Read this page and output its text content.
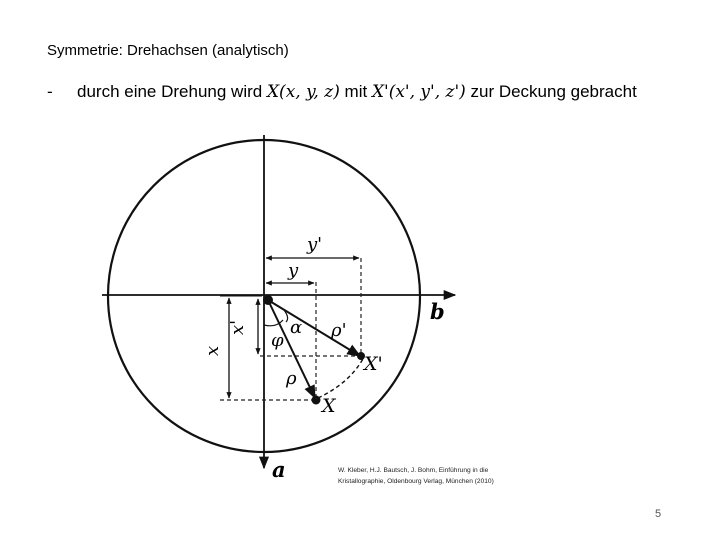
Symmetrie: Drehachsen (analytisch)
- durch eine Drehung wird X(x, y, z) mit X'(x', y', z') zur Deckung gebracht
y'
y
b
a
x'
x
ρ'
ρ
α
φ
X'
X
W. Kleber, H.J. Bautsch, J. Bohm, Einführung in die
Kristallographie, Oldenbourg Verlag, München (2010)
5
